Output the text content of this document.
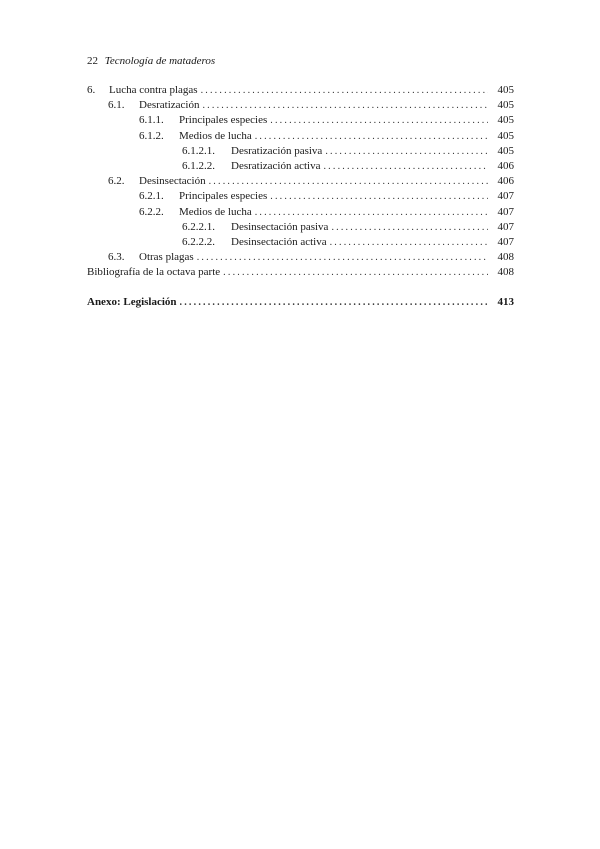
22 Tecnología de mataderos
6.	Lucha contra plagas .....	405
6.1.	Desratización .....	405
6.1.1.	Principales especies .....	405
6.1.2.	Medios de lucha .....	405
6.1.2.1.	Desratización pasiva .....	405
6.1.2.2.	Desratización activa .....	406
6.2.	Desinsectación .....	406
6.2.1.	Principales especies .....	407
6.2.2.	Medios de lucha .....	407
6.2.2.1.	Desinsectación pasiva .....	407
6.2.2.2.	Desinsectación activa .....	407
6.3.	Otras plagas .....	408
Bibliografía de la octava parte .....	408
Anexo: Legislación .....	413
